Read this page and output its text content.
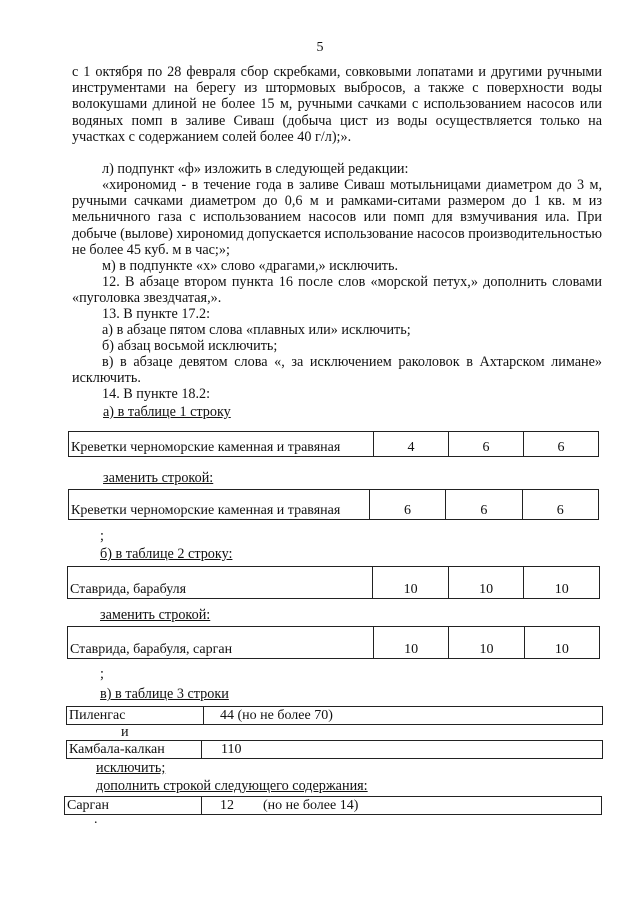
5

с 1 октября по 28 февраля сбор скребками, совковыми лопатами и другими ручными инструментами на берегу из штормовых выбросов, а также с поверхности воды волокушами длиной не более 15 м, ручными сачками с использованием насосов или водяных помп в заливе Сиваш (добыча цист из воды осуществляется только на участках с содержанием солей более 40 г/л);».

л) подпункт «ф» изложить в следующей редакции:

«хирономид - в течение года в заливе Сиваш мотыльницами диаметром до 3 м, ручными сачками диаметром до 0,6 м и рамками-ситами размером до 1 кв. м из мельничного газа с использованием насосов или помп для взмучивания ила. При добыче (вылове) хирономид допускается использование насосов производительностью не более 45 куб. м в час;»;

м) в подпункте «х» слово «драгами,» исключить.

12. В абзаце втором пункта 16 после слов «морской петух,» дополнить словами «пуголовка звездчатая,».

13. В пункте 17.2:

а) в абзаце пятом слова «плавных или» исключить;

б) абзац восьмой исключить;

в) в абзаце девятом слова «, за исключением раколовок в Ахтарском лимане» исключить.

14. В пункте 18.2:

а) в таблице 1 строку
Креветки черноморские каменная и травяная	4	6	6
заменить строкой:
Креветки черноморские каменная и травяная	6	6	6
;
б) в таблице 2 строку:
Ставрида, барабуля	10	10	10
заменить строкой:
Ставрида, барабуля, сарган	10	10	10
;
в) в таблице 3 строки
Пиленгас	44 (но не более 70)
и
Камбала-калкан	110
исключить;
дополнить строкой следующего содержания:
Сарган	12 (но не более 14)
.
